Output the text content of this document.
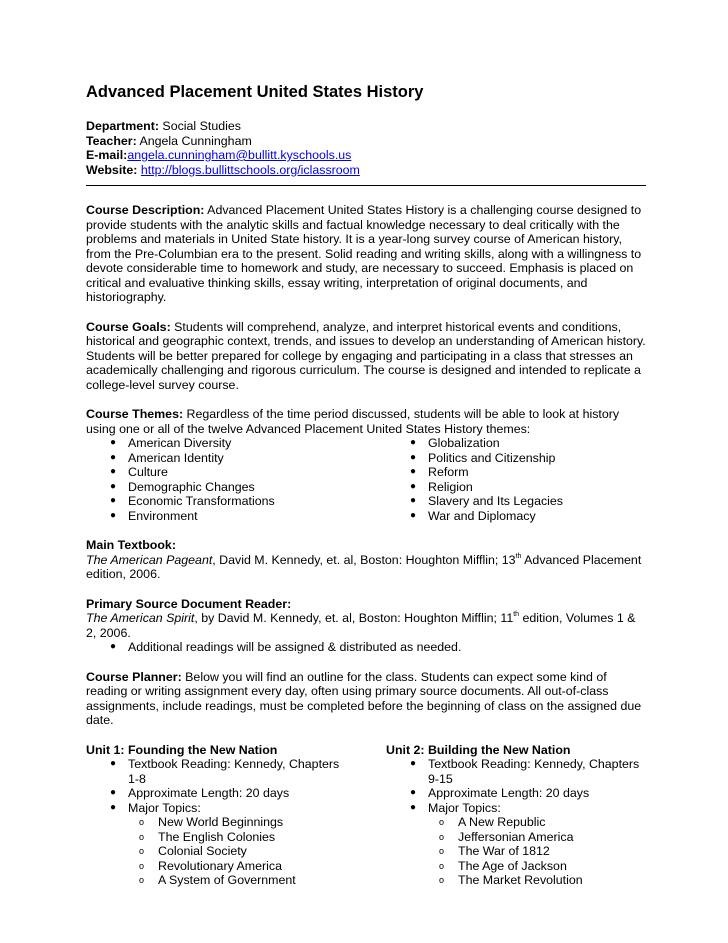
Advanced Placement United States History
Department: Social Studies
Teacher: Angela Cunningham
E-mail:angela.cunningham@bullitt.kyschools.us
Website: http://blogs.bullittschools.org/iclassroom

Course Description: Advanced Placement United States History is a challenging course designed to provide students with the analytic skills and factual knowledge necessary to deal critically with the problems and materials in United State history. It is a year-long survey course of American history, from the Pre-Columbian era to the present. Solid reading and writing skills, along with a willingness to devote considerable time to homework and study, are necessary to succeed. Emphasis is placed on critical and evaluative thinking skills, essay writing, interpretation of original documents, and historiography.

Course Goals: Students will comprehend, analyze, and interpret historical events and conditions, historical and geographic context, trends, and issues to develop an understanding of American history. Students will be better prepared for college by engaging and participating in a class that stresses an academically challenging and rigorous curriculum. The course is designed and intended to replicate a college-level survey course.

Course Themes: Regardless of the time period discussed, students will be able to look at history using one or all of the twelve Advanced Placement United States History themes:

● American Diversity
● American Identity
● Culture
● Demographic Changes
● Economic Transformations
● Environment
● Globalization
● Politics and Citizenship
● Reform
● Religion
● Slavery and Its Legacies
● War and Diplomacy
Main Textbook:

The American Pageant, David M. Kennedy, et. al, Boston: Houghton Mifflin; 13th Advanced Placement edition, 2006.

Primary Source Document Reader:

The American Spirit, by David M. Kennedy, et. al, Boston: Houghton Mifflin; 11th edition, Volumes 1 & 2, 2006.

● Additional readings will be assigned & distributed as needed.

Course Planner: Below you will find an outline for the class. Students can expect some kind of reading or writing assignment every day, often using primary source documents. All out-of-class assignments, include readings, must be completed before the beginning of class on the assigned due date.

Unit 1: Founding the New Nation
● Textbook Reading: Kennedy, Chapters
1-8
● Approximate Length: 20 days
● Major Topics:
o	New World Beginnings
o	The English Colonies
o	Colonial Society
o	Revolutionary America
o	A System of Government
Unit 2: Building the New Nation
● Textbook Reading: Kennedy, Chapters
9-15
● Approximate Length: 20 days
● Major Topics:
o	A New Republic
o	Jeffersonian America
o	The War of 1812
o	The Age of Jackson
o	The Market Revolution
